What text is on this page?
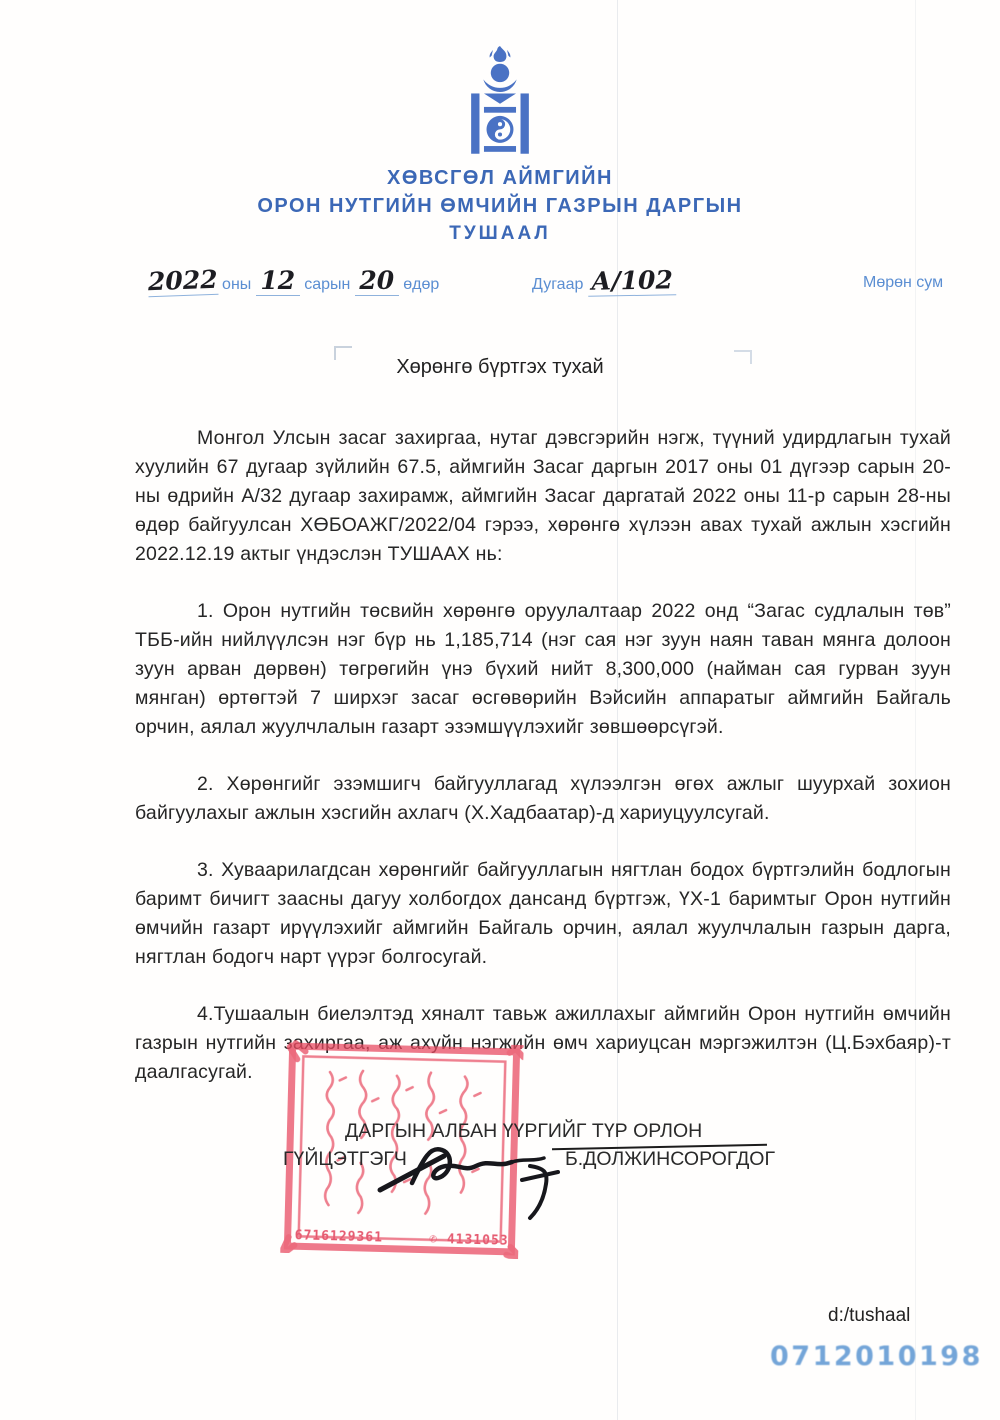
ХӨВСГӨЛ АЙМГИЙН
ОРОН НУТГИЙН ӨМЧИЙН ГАЗРЫН ДАРГЫН
ТУШААЛ
2022 оны 12 сарын 20 өдөр	Дугаар А/102	Мөрөн сум
Хөрөнгө бүртгэх тухай

Монгол Улсын засаг захиргаа, нутаг дэвсгэрийн нэгж, түүний удирдлагын тухай хуулийн 67 дугаар зүйлийн 67.5, аймгийн Засаг даргын 2017 оны 01 дүгээр сарын 20-ны өдрийн А/32 дугаар захирамж, аймгийн Засаг даргатай 2022 оны 11-р сарын 28-ны өдөр байгуулсан ХӨБОАЖГ/2022/04 гэрээ, хөрөнгө хүлээн авах тухай ажлын хэсгийн 2022.12.19 актыг үндэслэн ТУШААХ нь:

1. Орон нутгийн төсвийн хөрөнгө оруулалтаар 2022 онд “Загас судлалын төв” ТББ-ийн нийлүүлсэн нэг бүр нь 1,185,714 (нэг сая нэг зуун наян таван мянга долоон зуун арван дөрвөн) төгрөгийн үнэ бүхий нийт 8,300,000 (найман сая гурван зуун мянган) өртөгтэй 7 ширхэг засаг өсгөвөрийн Вэйсийн аппаратыг аймгийн Байгаль орчин, аялал жуулчлалын газарт эзэмшүүлэхийг зөвшөөрсүгэй.

2. Хөрөнгийг эзэмшигч байгууллагад хүлээлгэн өгөх ажлыг шуурхай зохион байгуулахыг ажлын хэсгийн ахлагч (Х.Хадбаатар)-д хариуцуулсугай.

3. Хуваарилагдсан хөрөнгийг байгууллагын нягтлан бодох бүртгэлийн бодлогын баримт бичигт заасны дагуу холбогдох дансанд бүртгэж, ҮХ-1 баримтыг Орон нутгийн өмчийн газарт ирүүлэхийг аймгийн Байгаль орчин, аялал жуулчлалын газрын дарга, нягтлан бодогч нарт үүрэг болгосугай.

4.Тушаалын биелэлтэд хяналт тавьж ажиллахыг аймгийн Орон нутгийн өмчийн газрын нутгийн захиргаа, аж ахуйн нэгжийн өмч хариуцсан мэргэжилтэн (Ц.Бэхбаяр)-т даалгасугай.

6716129361	✆ 4131053
ДАРГЫН АЛБАН ҮҮРГИЙГ ТҮР ОРЛОН
ГҮЙЦЭТГЭГЧ	Б.ДОЛЖИНСОРОГДОГ
d:/tushaal
0712010198
